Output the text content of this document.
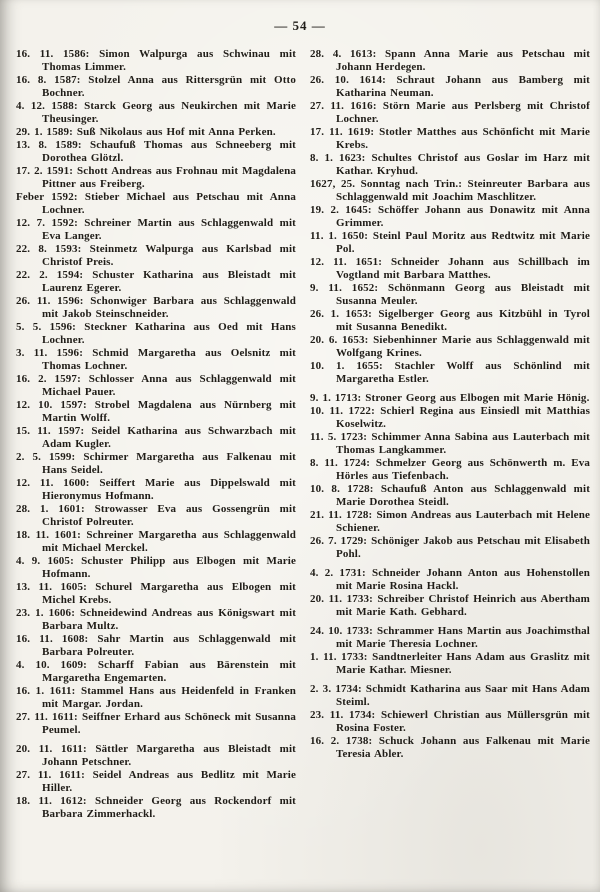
— 54 —

16. 11. 1586: Simon Walpurga aus Schwinau mit Thomas Limmer.

16. 8. 1587: Stolzel Anna aus Rittersgrün mit Otto Bochner.

4. 12. 1588: Starck Georg aus Neukirchen mit Marie Theusinger.

29. 1. 1589: Suß Nikolaus aus Hof mit Anna Perken.

13. 8. 1589: Schaufuß Thomas aus Schneeberg mit Dorothea Glötzl.

17. 2. 1591: Schott Andreas aus Frohnau mit Magdalena Pittner aus Freiberg.

Feber 1592: Stieber Michael aus Petschau mit Anna Lochner.

12. 7. 1592: Schreiner Martin aus Schlaggenwald mit Eva Langer.

22. 8. 1593: Steinmetz Walpurga aus Karlsbad mit Christof Preis.

22. 2. 1594: Schuster Katharina aus Bleistadt mit Laurenz Egerer.

26. 11. 1596: Schonwiger Barbara aus Schlaggenwald mit Jakob Steinschneider.

5. 5. 1596: Steckner Katharina aus Oed mit Hans Lochner.

3. 11. 1596: Schmid Margaretha aus Oelsnitz mit Thomas Lochner.

16. 2. 1597: Schlosser Anna aus Schlaggenwald mit Michael Pauer.

12. 10. 1597: Strobel Magdalena aus Nürnberg mit Martin Wolff.

15. 11. 1597: Seidel Katharina aus Schwarzbach mit Adam Kugler.

2. 5. 1599: Schirmer Margaretha aus Falkenau mit Hans Seidel.

12. 11. 1600: Seiffert Marie aus Dippelswald mit Hieronymus Hofmann.

28. 1. 1601: Strowasser Eva aus Gossengrün mit Christof Polreuter.

18. 11. 1601: Schreiner Margaretha aus Schlaggenwald mit Michael Merckel.

4. 9. 1605: Schuster Philipp aus Elbogen mit Marie Hofmann.

13. 11. 1605: Schurel Margaretha aus Elbogen mit Michel Krebs.

23. 1. 1606: Schneidewind Andreas aus Königswart mit Barbara Multz.

16. 11. 1608: Sahr Martin aus Schlaggenwald mit Barbara Polreuter.

4. 10. 1609: Scharff Fabian aus Bärenstein mit Margaretha Engemarten.

16. 1. 1611: Stammel Hans aus Heidenfeld in Franken mit Margar. Jordan.

27. 11. 1611: Seiffner Erhard aus Schöneck mit Susanna Peumel.

20. 11. 1611: Sättler Margaretha aus Bleistadt mit Johann Petschner.

27. 11. 1611: Seidel Andreas aus Bedlitz mit Marie Hiller.

18. 11. 1612: Schneider Georg aus Rockendorf mit Barbara Zimmerhackl.

28. 4. 1613: Spann Anna Marie aus Petschau mit Johann Herdegen.

26. 10. 1614: Schraut Johann aus Bamberg mit Katharina Neuman.

27. 11. 1616: Störn Marie aus Perlsberg mit Christof Lochner.

17. 11. 1619: Stotler Matthes aus Schönficht mit Marie Krebs.

8. 1. 1623: Schultes Christof aus Goslar im Harz mit Kathar. Kryhud.

1627, 25. Sonntag nach Trin.: Steinreuter Barbara aus Schlaggenwald mit Joachim Maschlitzer.

19. 2. 1645: Schöffer Johann aus Donawitz mit Anna Grimmer.

11. 1. 1650: Steinl Paul Moritz aus Redtwitz mit Marie Pol.

12. 11. 1651: Schneider Johann aus Schillbach im Vogtland mit Barbara Matthes.

9. 11. 1652: Schönmann Georg aus Bleistadt mit Susanna Meuler.

26. 1. 1653: Sigelberger Georg aus Kitzbühl in Tyrol mit Susanna Benedikt.

20. 6. 1653: Siebenhinner Marie aus Schlaggenwald mit Wolfgang Krines.

10. 1. 1655: Stachler Wolff aus Schönlind mit Margaretha Estler.

9. 1. 1713: Stroner Georg aus Elbogen mit Marie Hönig.

10. 11. 1722: Schierl Regina aus Einsiedl mit Matthias Koselwitz.

11. 5. 1723: Schimmer Anna Sabina aus Lauterbach mit Thomas Langkammer.

8. 11. 1724: Schmelzer Georg aus Schönwerth m. Eva Hörles aus Tiefenbach.

10. 8. 1728: Schaufuß Anton aus Schlaggenwald mit Marie Dorothea Steidl.

21. 11. 1728: Simon Andreas aus Lauterbach mit Helene Schiener.

26. 7. 1729: Schöniger Jakob aus Petschau mit Elisabeth Pohl.

4. 2. 1731: Schneider Johann Anton aus Hohenstollen mit Marie Rosina Hackl.

20. 11. 1733: Schreiber Christof Heinrich aus Abertham mit Marie Kath. Gebhard.

24. 10. 1733: Schrammer Hans Martin aus Joachimsthal mit Marie Theresia Lochner.

1. 11. 1733: Sandtnerleiter Hans Adam aus Graslitz mit Marie Kathar. Miesner.

2. 3. 1734: Schmidt Katharina aus Saar mit Hans Adam Steiml.

23. 11. 1734: Schiewerl Christian aus Müllersgrün mit Rosina Foster.

16. 2. 1738: Schuck Johann aus Falkenau mit Marie Teresia Abler.
